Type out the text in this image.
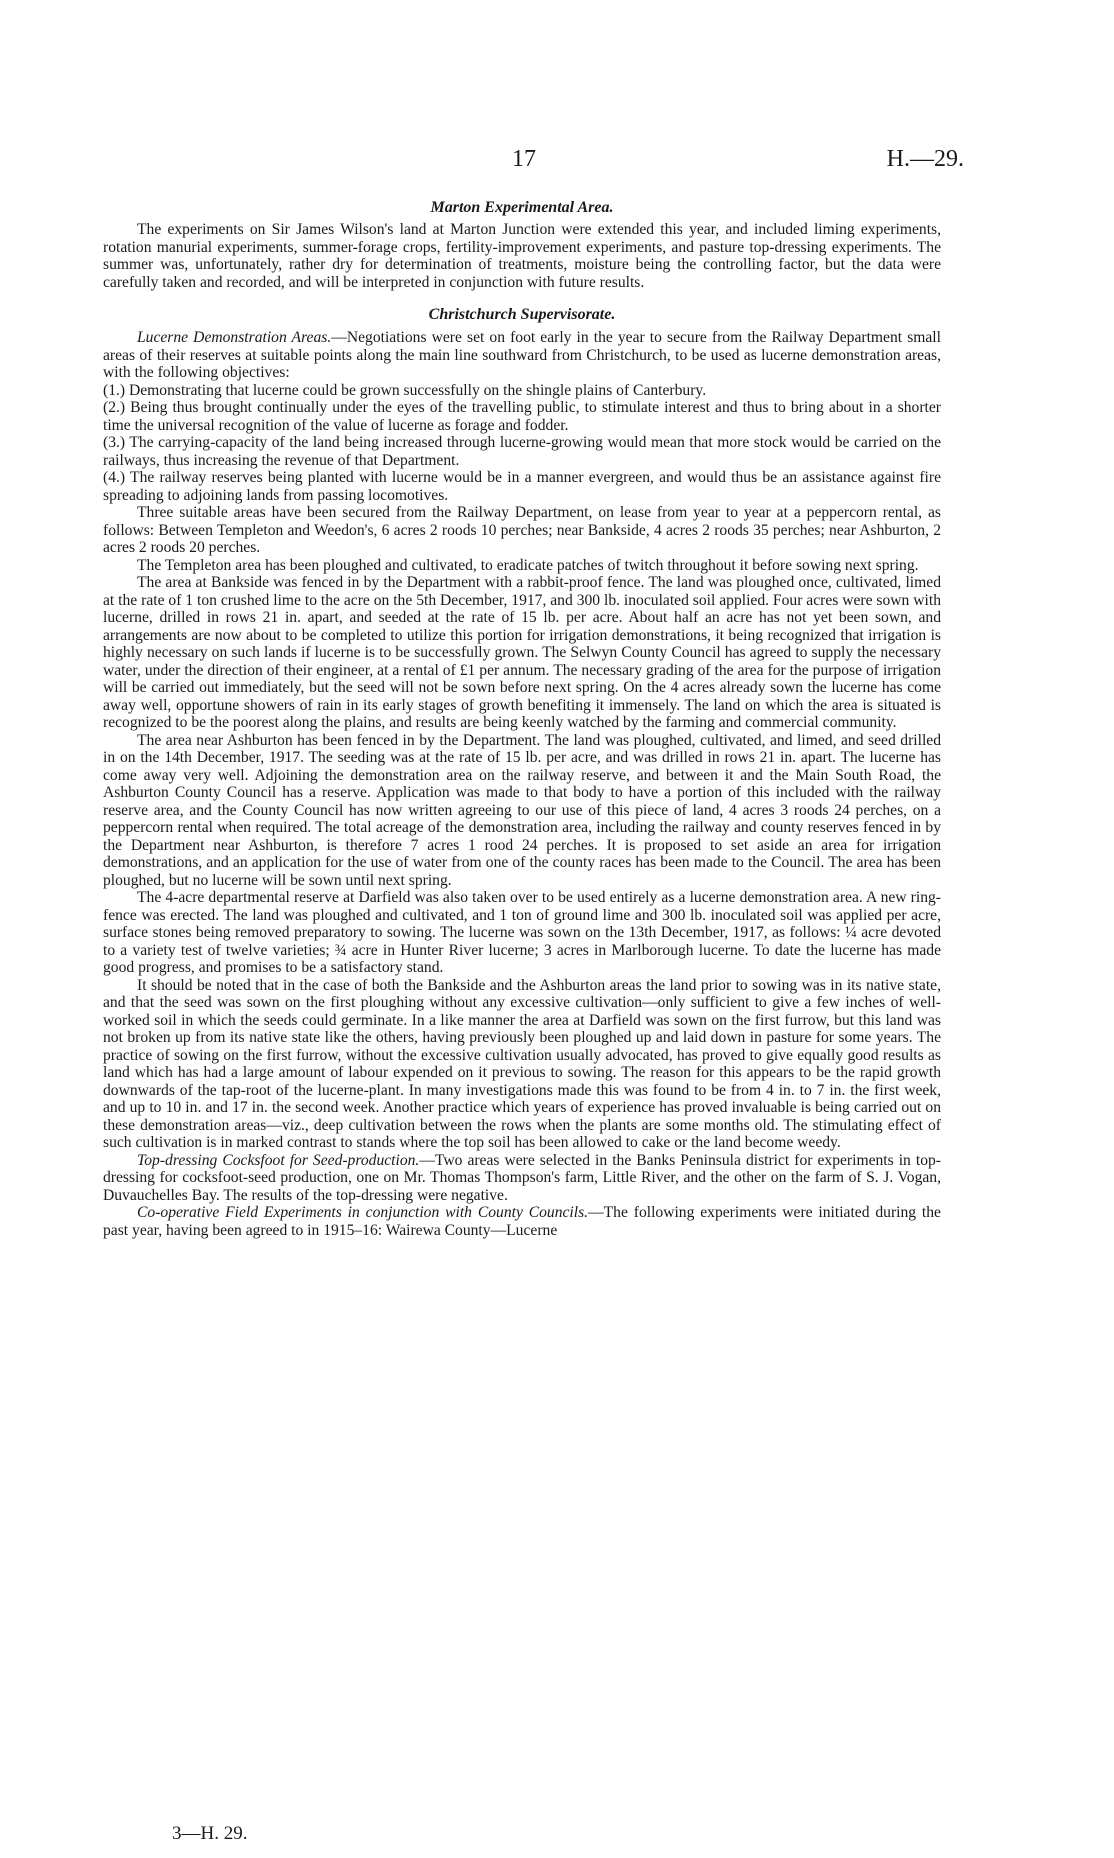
17	H.—29.
Marton Experimental Area.

The experiments on Sir James Wilson's land at Marton Junction were extended this year, and included liming experiments, rotation manurial experiments, summer-forage crops, fertility-improvement experiments, and pasture top-dressing experiments. The summer was, unfortunately, rather dry for determination of treatments, moisture being the controlling factor, but the data were carefully taken and recorded, and will be interpreted in conjunction with future results.

Christchurch Supervisorate.

Lucerne Demonstration Areas.—Negotiations were set on foot early in the year to secure from the Railway Department small areas of their reserves at suitable points along the main line southward from Christchurch, to be used as lucerne demonstration areas, with the following objectives:

(1.) Demonstrating that lucerne could be grown successfully on the shingle plains of Canterbury.

(2.) Being thus brought continually under the eyes of the travelling public, to stimulate interest and thus to bring about in a shorter time the universal recognition of the value of lucerne as forage and fodder.

(3.) The carrying-capacity of the land being increased through lucerne-growing would mean that more stock would be carried on the railways, thus increasing the revenue of that Department.

(4.) The railway reserves being planted with lucerne would be in a manner evergreen, and would thus be an assistance against fire spreading to adjoining lands from passing locomotives.

Three suitable areas have been secured from the Railway Department, on lease from year to year at a peppercorn rental, as follows: Between Templeton and Weedon's, 6 acres 2 roods 10 perches; near Bankside, 4 acres 2 roods 35 perches; near Ashburton, 2 acres 2 roods 20 perches.

The Templeton area has been ploughed and cultivated, to eradicate patches of twitch throughout it before sowing next spring.

The area at Bankside was fenced in by the Department with a rabbit-proof fence. The land was ploughed once, cultivated, limed at the rate of 1 ton crushed lime to the acre on the 5th December, 1917, and 300 lb. inoculated soil applied. Four acres were sown with lucerne, drilled in rows 21 in. apart, and seeded at the rate of 15 lb. per acre. About half an acre has not yet been sown, and arrangements are now about to be completed to utilize this portion for irrigation demonstrations, it being recognized that irrigation is highly necessary on such lands if lucerne is to be successfully grown. The Selwyn County Council has agreed to supply the necessary water, under the direction of their engineer, at a rental of £1 per annum. The necessary grading of the area for the purpose of irrigation will be carried out immediately, but the seed will not be sown before next spring. On the 4 acres already sown the lucerne has come away well, opportune showers of rain in its early stages of growth benefiting it immensely. The land on which the area is situated is recognized to be the poorest along the plains, and results are being keenly watched by the farming and commercial community.

The area near Ashburton has been fenced in by the Department. The land was ploughed, cultivated, and limed, and seed drilled in on the 14th December, 1917. The seeding was at the rate of 15 lb. per acre, and was drilled in rows 21 in. apart. The lucerne has come away very well. Adjoining the demonstration area on the railway reserve, and between it and the Main South Road, the Ashburton County Council has a reserve. Application was made to that body to have a portion of this included with the railway reserve area, and the County Council has now written agreeing to our use of this piece of land, 4 acres 3 roods 24 perches, on a peppercorn rental when required. The total acreage of the demonstration area, including the railway and county reserves fenced in by the Department near Ashburton, is therefore 7 acres 1 rood 24 perches. It is proposed to set aside an area for irrigation demonstrations, and an application for the use of water from one of the county races has been made to the Council. The area has been ploughed, but no lucerne will be sown until next spring.

The 4-acre departmental reserve at Darfield was also taken over to be used entirely as a lucerne demonstration area. A new ring-fence was erected. The land was ploughed and cultivated, and 1 ton of ground lime and 300 lb. inoculated soil was applied per acre, surface stones being removed preparatory to sowing. The lucerne was sown on the 13th December, 1917, as follows: ¼ acre devoted to a variety test of twelve varieties; ¾ acre in Hunter River lucerne; 3 acres in Marlborough lucerne. To date the lucerne has made good progress, and promises to be a satisfactory stand.

It should be noted that in the case of both the Bankside and the Ashburton areas the land prior to sowing was in its native state, and that the seed was sown on the first ploughing without any excessive cultivation—only sufficient to give a few inches of well-worked soil in which the seeds could germinate. In a like manner the area at Darfield was sown on the first furrow, but this land was not broken up from its native state like the others, having previously been ploughed up and laid down in pasture for some years. The practice of sowing on the first furrow, without the excessive cultivation usually advocated, has proved to give equally good results as land which has had a large amount of labour expended on it previous to sowing. The reason for this appears to be the rapid growth downwards of the tap-root of the lucerne-plant. In many investigations made this was found to be from 4 in. to 7 in. the first week, and up to 10 in. and 17 in. the second week. Another practice which years of experience has proved invaluable is being carried out on these demonstration areas—viz., deep cultivation between the rows when the plants are some months old. The stimulating effect of such cultivation is in marked contrast to stands where the top soil has been allowed to cake or the land become weedy.

Top-dressing Cocksfoot for Seed-production.—Two areas were selected in the Banks Peninsula district for experiments in top-dressing for cocksfoot-seed production, one on Mr. Thomas Thompson's farm, Little River, and the other on the farm of S. J. Vogan, Duvauchelles Bay. The results of the top-dressing were negative.

Co-operative Field Experiments in conjunction with County Councils.—The following experiments were initiated during the past year, having been agreed to in 1915–16: Wairewa County—Lucerne

3—H. 29.
